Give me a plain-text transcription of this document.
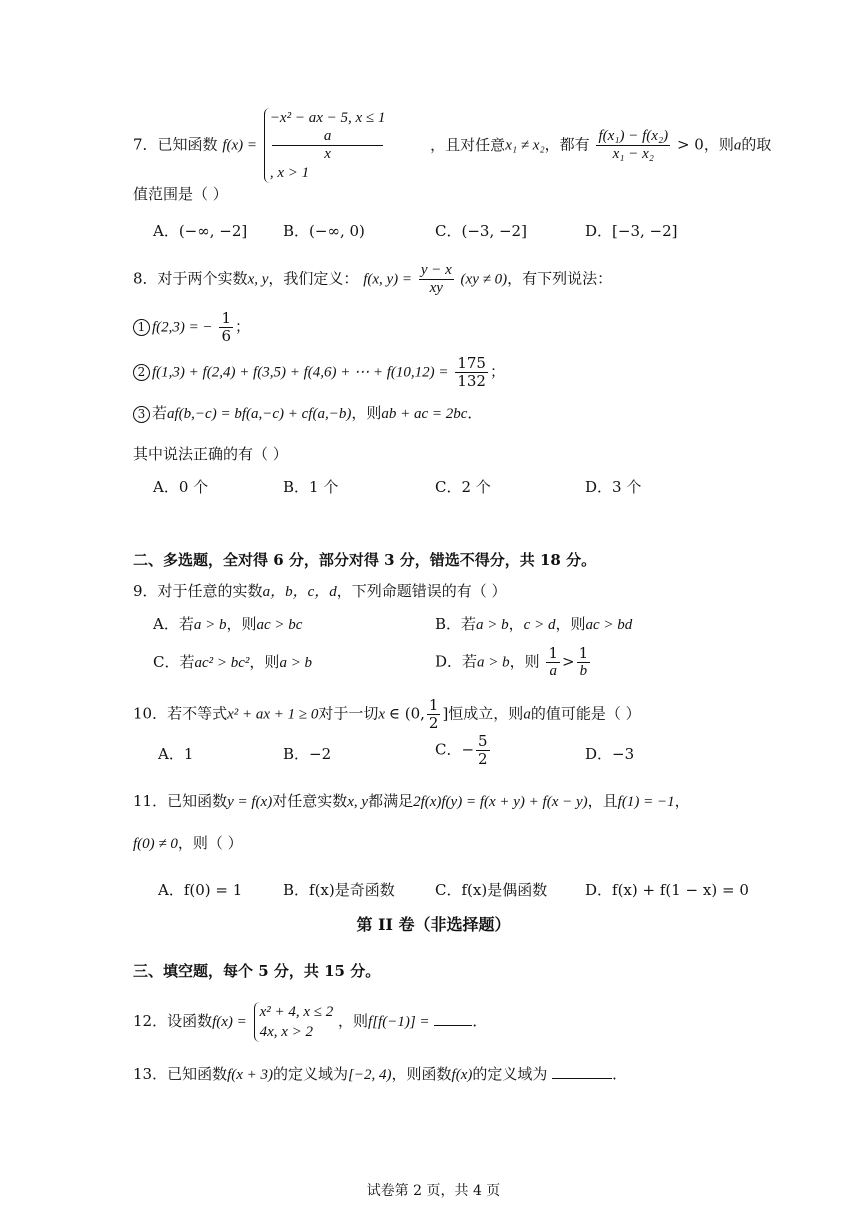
7．已知函数 f(x) =
−x² − ax − 5, x ≤ 1
a
x
, x > 1
，且对任意x₁ ≠ x₂，都有 $\frac{\text{f(x₁) − f(x₂)}}{\text{x₁ − x₂}} > 0$，则a的取
值范围是（ ）
A．(−∞, −2] B．(−∞, 0)	C．(−3, −2]	D．[−3, −2]
8．对于两个实数x, y，我们定义： f(x, $y) = \frac{y - x}{xy} (xy \ne 0)$，有下列说法：
1 f(2,3) = − $\frac{1}{6}$ ；
2 f(1,3) + f(2,4) + f(3,5) + f(4,6) + ⋯ + $f(10,12) = \frac{175}{132}$ ；
3 若af(b,−c) = bf(a,−c) + cf(a,−b)，则ab + ac = 2bc．
其中说法正确的有（ ）
A．0 个	B．1 个	C．2 个	D．3 个
二、多选题，全对得 6 分，部分对得 3 分，错选不得分，共 18 分。
9．对于任意的实数a，b，c，d，下列命题错误的有（ ）
A．若a > b，则ac > bc	B．若a > b，c > d，则ac > bd
C．若ac² > bc²，则a > b	D．若a > b，则 $\frac{1}{a} > \frac{1}{b}$
10．若不等式x² + ax + 1 ≥ 0对于一切x ∈ (0, $\frac{1}{2}$ ]恒成立，则a的值可能是（ ）
A．1	B．−2	C．− $\frac{5}{2}$	D．−3
11．已知函数y = f(x)对任意实数x, y都满足2f(x)f(y) = f(x + y) + f(x − y)，且f(1) = −1，
f(0) ≠ 0，则（ ）
A．f(0) = 1	B．f(x)是奇函数	C．f(x)是偶函数	D．f(x) + f(1 − x) = 0
第 II 卷（非选择题）
三、填空题，每个 5 分，共 15 分。
12．设函数f(x) =
x² + 4, x ≤ 2
4x, x > 2
，则f[f(−1)] =	．
13．已知函数f(x + 3)的定义域为[−2, 4)，则函数f(x)的定义域为	．
试卷第 2 页，共 4 页
